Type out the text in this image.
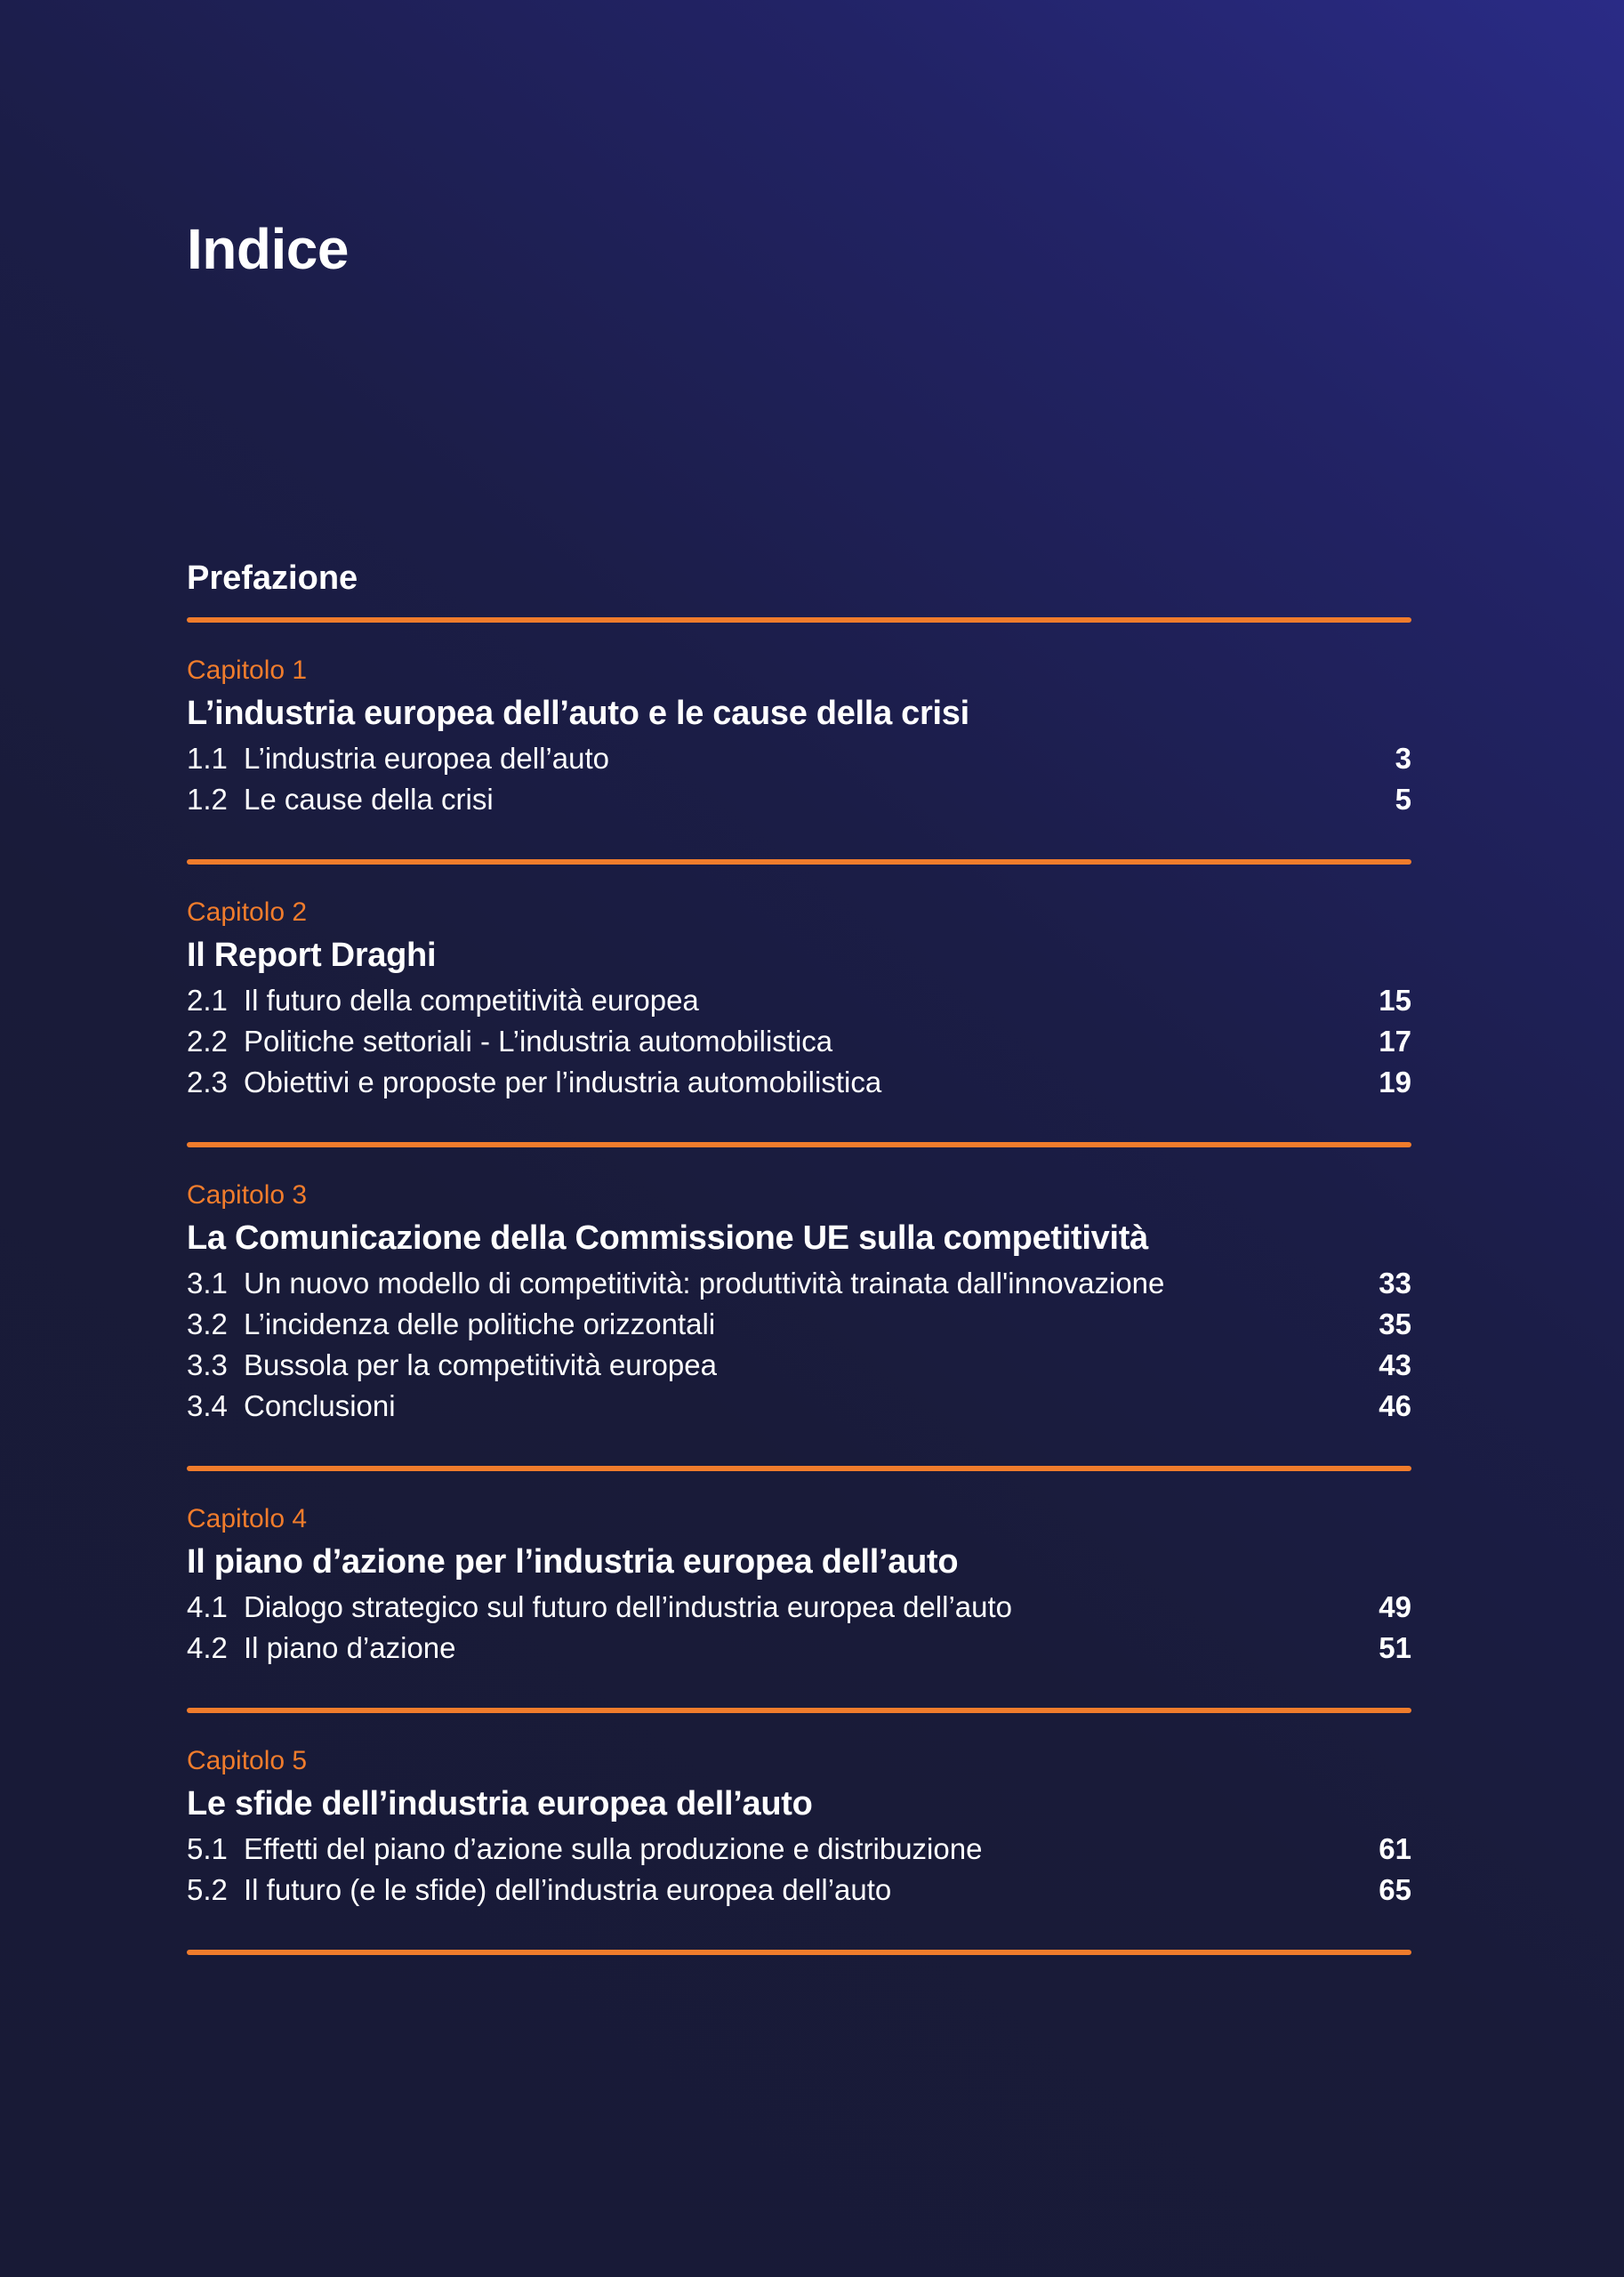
Indice
Prefazione
Capitolo 1
L’industria europea dell’auto e le cause della crisi
1.1 L’industria europea dell’auto	3
1.2 Le cause della crisi	5
Capitolo 2
Il Report Draghi
2.1 Il futuro della competitività europea	15
2.2 Politiche settoriali - L’industria automobilistica	17
2.3 Obiettivi e proposte per l’industria automobilistica	19
Capitolo 3
La Comunicazione della Commissione UE sulla competitività
3.1 Un nuovo modello di competitività: produttività trainata dall'innovazione	33
3.2 L’incidenza delle politiche orizzontali	35
3.3 Bussola per la competitività europea	43
3.4 Conclusioni	46
Capitolo 4
Il piano d’azione per l’industria europea dell’auto
4.1 Dialogo strategico sul futuro dell’industria europea dell’auto	49
4.2 Il piano d’azione	51
Capitolo 5
Le sfide dell’industria europea dell’auto
5.1 Effetti del piano d’azione sulla produzione e distribuzione	61
5.2 Il futuro (e le sfide) dell’industria europea dell’auto	65
